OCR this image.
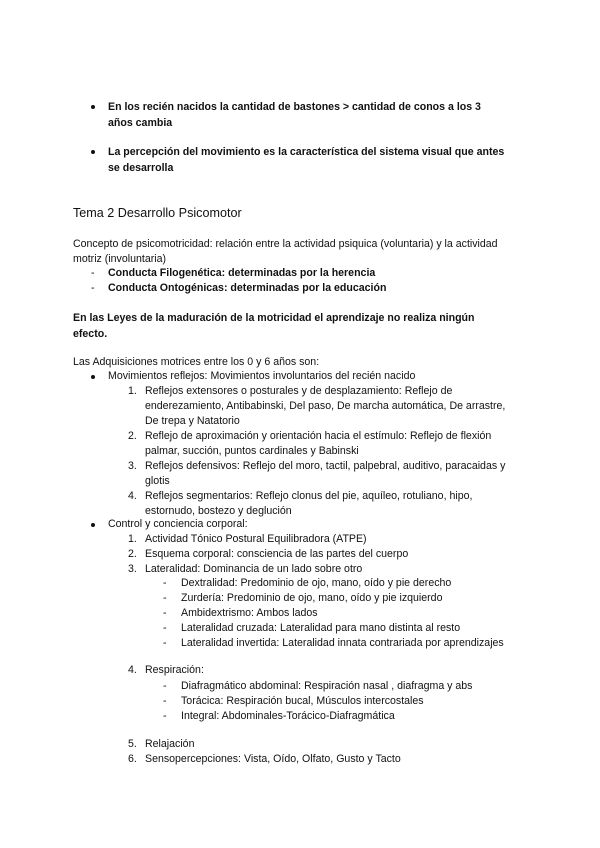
En los recién nacidos la cantidad de bastones > cantidad de conos a los 3
años cambia
La percepción del movimiento es la característica del sistema visual que antes
se desarrolla
Tema 2 Desarrollo Psicomotor
Concepto de psicomotricidad: relación entre la actividad psiquica (voluntaria) y la actividad
motriz (involuntaria)
- Conducta Filogenética: determinadas por la herencia
- Conducta Ontogénicas: determinadas por la educación
En las Leyes de la maduración de la motricidad el aprendizaje no realiza ningún
efecto.
Las Adquisiciones motrices entre los 0 y 6 años son:
Movimientos reflejos: Movimientos involuntarios del recién nacido
1. Reflejos extensores o posturales y de desplazamiento: Reflejo de
enderezamiento, Antibabinski, Del paso, De marcha automática, De arrastre,
De trepa y Natatorio
2. Reflejo de aproximación y orientación hacia el estímulo: Reflejo de flexión
palmar, succión, puntos cardinales y Babinski
3. Reflejos defensivos: Reflejo del moro, tactil, palpebral, auditivo, paracaidas y
glotis
4. Reflejos segmentarios: Reflejo clonus del pie, aquíleo, rotuliano, hipo,
estornudo, bostezo y deglución
Control y conciencia corporal:
1. Actividad Tónico Postural Equilibradora (ATPE)
2. Esquema corporal: consciencia de las partes del cuerpo
3. Lateralidad: Dominancia de un lado sobre otro
- Dextralidad: Predominio de ojo, mano, oído y pie derecho
- Zurdería: Predominio de ojo, mano, oído y pie izquierdo
- Ambidextrismo: Ambos lados
- Lateralidad cruzada: Lateralidad para mano distinta al resto
- Lateralidad invertida: Lateralidad innata contrariada por aprendizajes
4. Respiración:
- Diafragmático abdominal: Respiración nasal , diafragma y abs
- Torácica: Respiración bucal, Músculos intercostales
- Integral: Abdominales-Torácico-Diafragmática
5. Relajación
6. Sensopercepciones: Vista, Oído, Olfato, Gusto y Tacto
